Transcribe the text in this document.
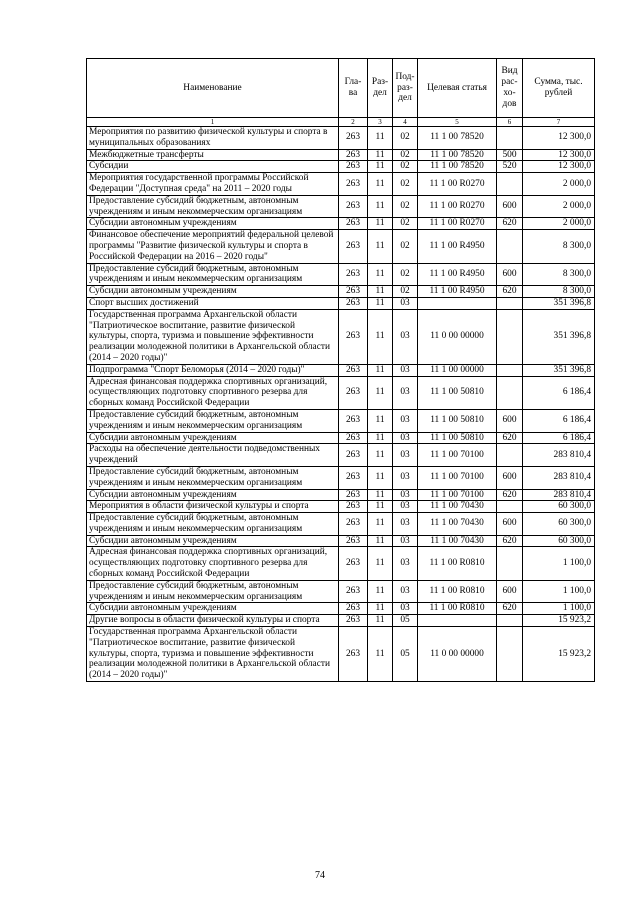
Наименование	Гла-ва	Раз-дел	Под-раз-дел	Целевая статья	Вид рас-хо-дов	Сумма, тыс. рублей
1	2	3	4	5	6	7
Мероприятия по развитию физической культуры и спорта в муниципальных образованиях	263	11	02	11 1 00 78520		12 300,0
Межбюджетные трансферты	263	11	02	11 1 00 78520	500	12 300,0
Субсидии	263	11	02	11 1 00 78520	520	12 300,0
Мероприятия государственной программы Российской Федерации "Доступная среда" на 2011 – 2020 годы	263	11	02	11 1 00 R0270		2 000,0
Предоставление субсидий бюджетным, автономным учреждениям и иным некоммерческим организациям	263	11	02	11 1 00 R0270	600	2 000,0
Субсидии автономным учреждениям	263	11	02	11 1 00 R0270	620	2 000,0
Финансовое обеспечение мероприятий федеральной целевой программы "Развитие физической культуры и спорта в Российской Федерации на 2016 – 2020 годы"	263	11	02	11 1 00 R4950		8 300,0
Предоставление субсидий бюджетным, автономным учреждениям и иным некоммерческим организациям	263	11	02	11 1 00 R4950	600	8 300,0
Субсидии автономным учреждениям	263	11	02	11 1 00 R4950	620	8 300,0
Спорт высших достижений	263	11	03			351 396,8
Государственная программа Архангельской области "Патриотическое воспитание, развитие физической культуры, спорта, туризма и повышение эффективности реализации молодежной политики в Архангельской области (2014 – 2020 годы)"	263	11	03	11 0 00 00000		351 396,8
Подпрограмма "Спорт Беломорья (2014 – 2020 годы)"	263	11	03	11 1 00 00000		351 396,8
Адресная финансовая поддержка спортивных организаций, осуществляющих подготовку спортивного резерва для сборных команд Российской Федерации	263	11	03	11 1 00 50810		6 186,4
Предоставление субсидий бюджетным, автономным учреждениям и иным некоммерческим организациям	263	11	03	11 1 00 50810	600	6 186,4
Субсидии автономным учреждениям	263	11	03	11 1 00 50810	620	6 186,4
Расходы на обеспечение деятельности подведомственных учреждений	263	11	03	11 1 00 70100		283 810,4
Предоставление субсидий бюджетным, автономным учреждениям и иным некоммерческим организациям	263	11	03	11 1 00 70100	600	283 810,4
Субсидии автономным учреждениям	263	11	03	11 1 00 70100	620	283 810,4
Мероприятия в области физической культуры и спорта	263	11	03	11 1 00 70430		60 300,0
Предоставление субсидий бюджетным, автономным учреждениям и иным некоммерческим организациям	263	11	03	11 1 00 70430	600	60 300,0
Субсидии автономным учреждениям	263	11	03	11 1 00 70430	620	60 300,0
Адресная финансовая поддержка спортивных организаций, осуществляющих подготовку спортивного резерва для сборных команд Российской Федерации	263	11	03	11 1 00 R0810		1 100,0
Предоставление субсидий бюджетным, автономным учреждениям и иным некоммерческим организациям	263	11	03	11 1 00 R0810	600	1 100,0
Субсидии автономным учреждениям	263	11	03	11 1 00 R0810	620	1 100,0
Другие вопросы в области физической культуры и спорта	263	11	05			15 923,2
Государственная программа Архангельской области "Патриотическое воспитание, развитие физической культуры, спорта, туризма и повышение эффективности реализации молодежной политики в Архангельской области (2014 – 2020 годы)"	263	11	05	11 0 00 00000		15 923,2
74
